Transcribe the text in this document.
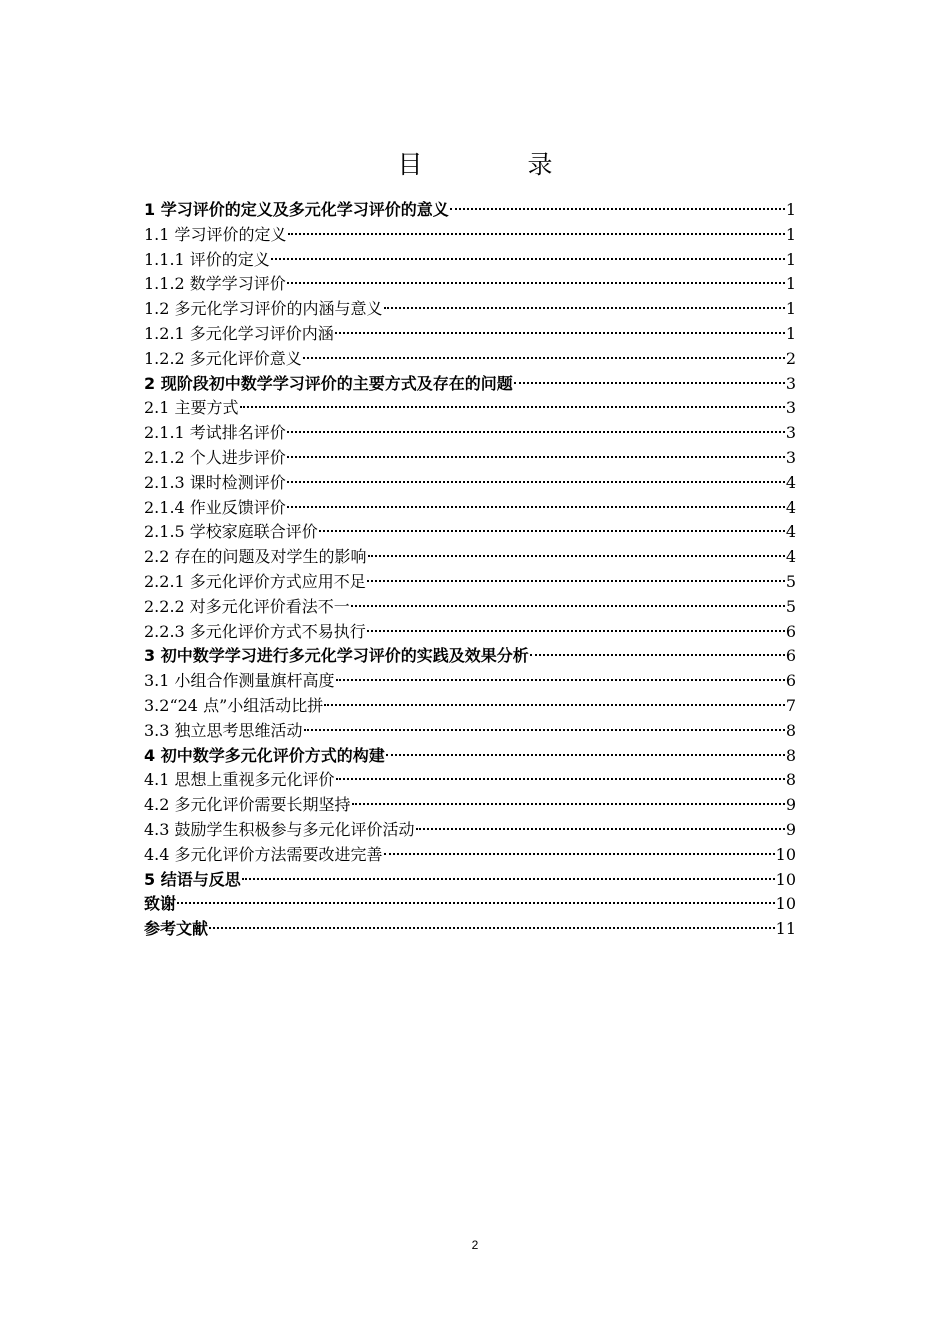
目　录
1 学习评价的定义及多元化学习评价的意义	1
1.1 学习评价的定义	1
1.1.1 评价的定义	1
1.1.2 数学学习评价	1
1.2 多元化学习评价的内涵与意义	1
1.2.1 多元化学习评价内涵	1
1.2.2 多元化评价意义	2
2 现阶段初中数学学习评价的主要方式及存在的问题	3
2.1 主要方式	3
2.1.1 考试排名评价	3
2.1.2 个人进步评价	3
2.1.3 课时检测评价	4
2.1.4 作业反馈评价	4
2.1.5 学校家庭联合评价	4
2.2 存在的问题及对学生的影响	4
2.2.1 多元化评价方式应用不足	5
2.2.2 对多元化评价看法不一	5
2.2.3 多元化评价方式不易执行	6
3 初中数学学习进行多元化学习评价的实践及效果分析	6
3.1 小组合作测量旗杆高度	6
3.2“24 点”小组活动比拼	7
3.3 独立思考思维活动	8
4 初中数学多元化评价方式的构建	8
4.1 思想上重视多元化评价	8
4.2 多元化评价需要长期坚持	9
4.3 鼓励学生积极参与多元化评价活动	9
4.4 多元化评价方法需要改进完善	10
5 结语与反思	10
致谢	10
参考文献	11
2
